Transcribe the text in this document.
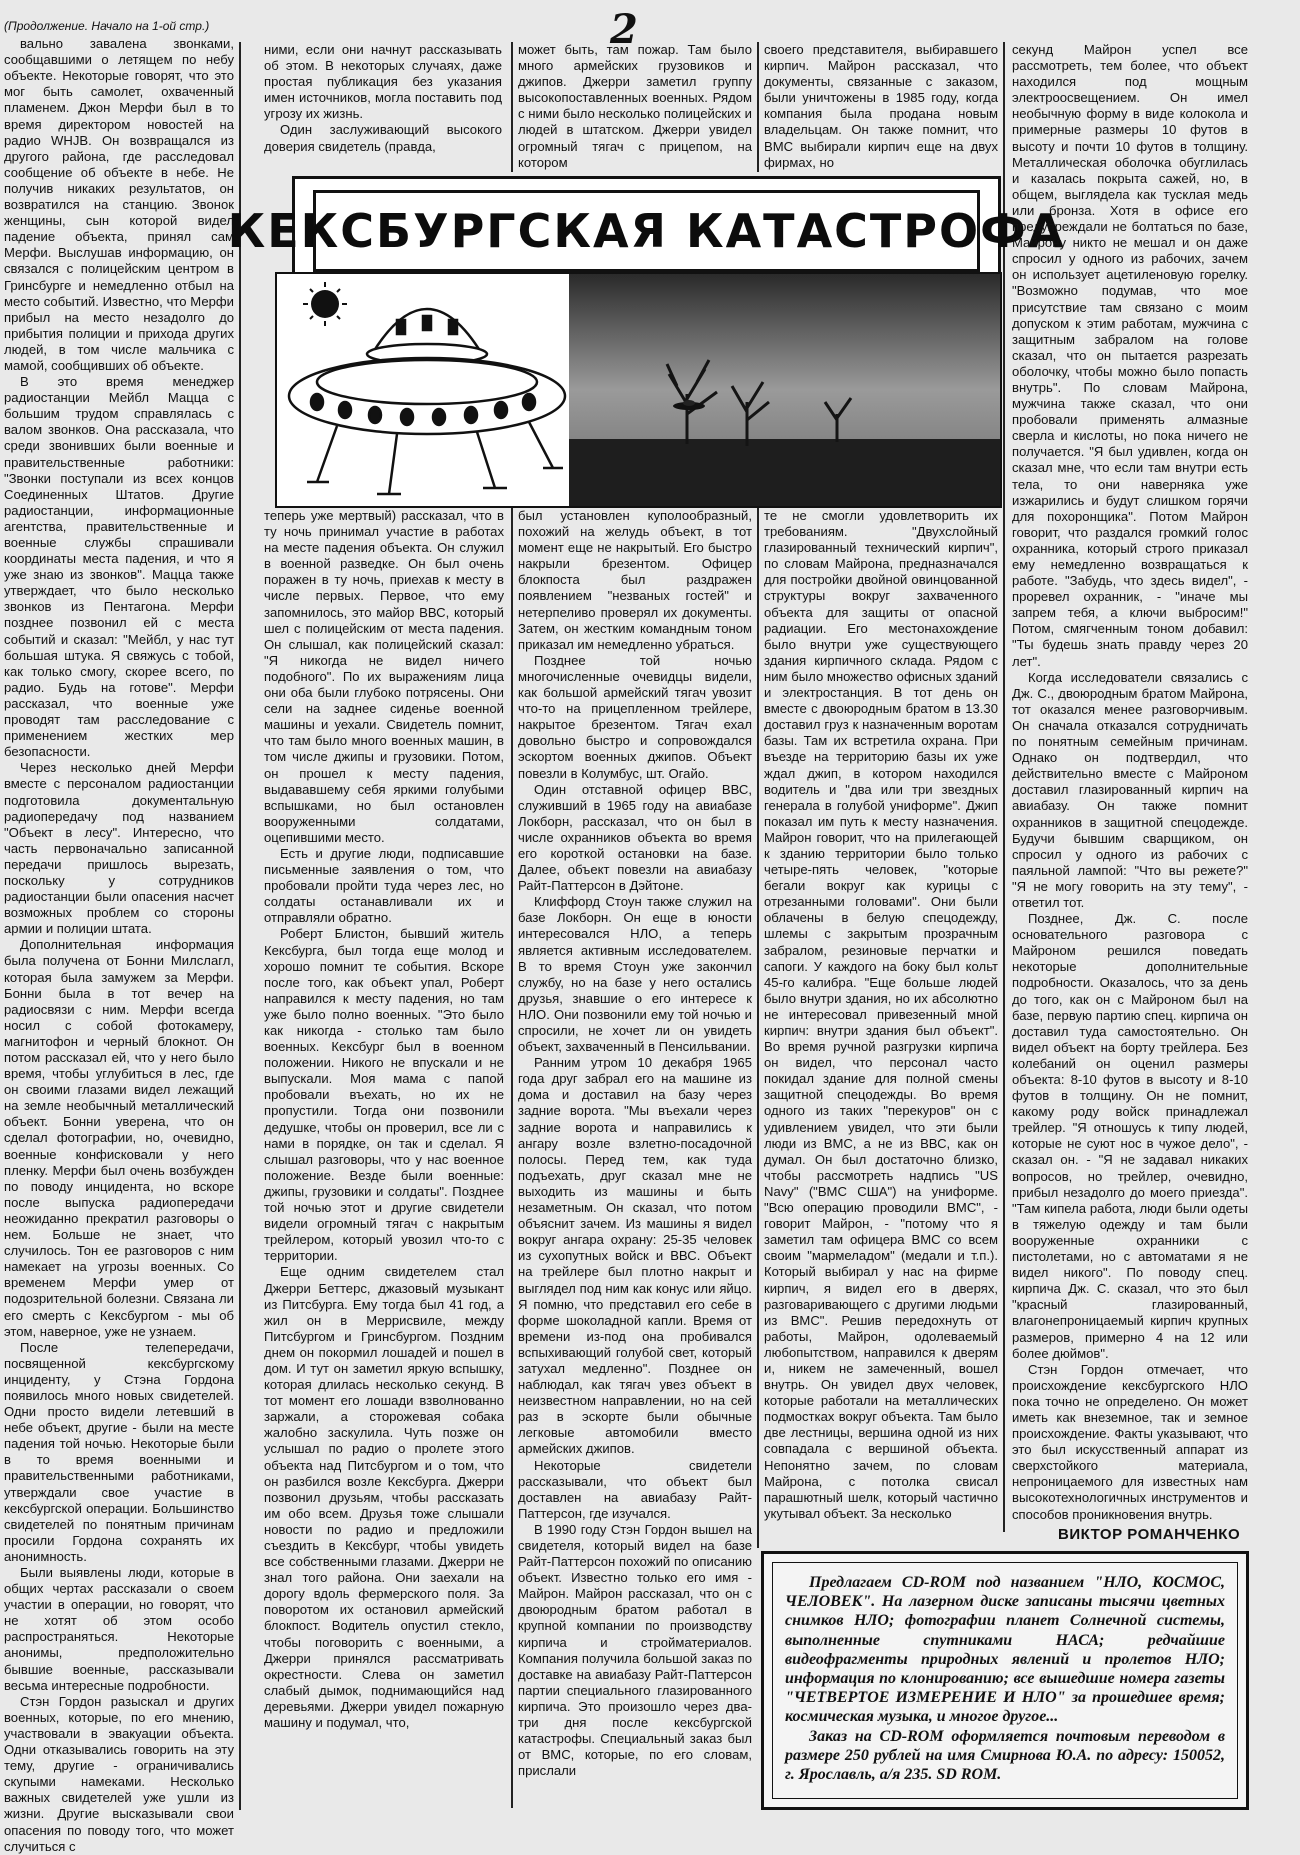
2

(Продолжение. Начало на 1-ой стр.)

вально завалена звонками, сообщавшими о летящем по небу объекте. Некоторые говорят, что это мог быть самолет, охваченный пламенем. Джон Мерфи был в то время директором новостей на радио WHJB. Он возвращался из другого района, где расследовал сообщение об объекте в небе. Не получив никаких результатов, он возвратился на станцию. Звонок женщины, сын которой видел падение объекта, принял сам Мерфи. Выслушав информацию, он связался с полицейским центром в Гринсбурге и немедленно отбыл на место событий. Известно, что Мерфи прибыл на место незадолго до прибытия полиции и прихода других людей, в том числе мальчика с мамой, сообщивших об объекте.

В это время менеджер радиостанции Мейбл Мацца с большим трудом справлялась с валом звонков. Она рассказала, что среди звонивших были военные и правительственные работники: "Звонки поступали из всех концов Соединенных Штатов. Другие радиостанции, информационные агентства, правительственные и военные службы спрашивали координаты места падения, и что я уже знаю из звонков". Мацца также утверждает, что было несколько звонков из Пентагона. Мерфи позднее позвонил ей с места событий и сказал: "Мейбл, у нас тут большая штука. Я свяжусь с тобой, как только смогу, скорее всего, по радио. Будь на готове". Мерфи рассказал, что военные уже проводят там расследование с применением жестких мер безопасности.

Через несколько дней Мерфи вместе с персоналом радиостанции подготовила документальную радиопередачу под названием "Объект в лесу". Интересно, что часть первоначально записанной передачи пришлось вырезать, поскольку у сотрудников радиостанции были опасения насчет возможных проблем со стороны армии и полиции штата.

Дополнительная информация была получена от Бонни Милслагл, которая была замужем за Мерфи. Бонни была в тот вечер на радиосвязи с ним. Мерфи всегда носил с собой фотокамеру, магнитофон и черный блокнот. Он потом рассказал ей, что у него было время, чтобы углубиться в лес, где он своими глазами видел лежащий на земле необычный металлический объект. Бонни уверена, что он сделал фотографии, но, очевидно, военные конфисковали у него пленку. Мерфи был очень возбужден по поводу инцидента, но вскоре после выпуска радиопередачи неожиданно прекратил разговоры о нем. Больше не знает, что случилось. Тон ее разговоров с ним намекает на угрозы военных. Со временем Мерфи умер от подозрительной болезни. Связана ли его смерть с Кексбургом - мы об этом, наверное, уже не узнаем.

После телепередачи, посвященной кексбургскому инциденту, у Стэна Гордона появилось много новых свидетелей. Одни просто видели летевший в небе объект, другие - были на месте падения той ночью. Некоторые были в то время военными и правительственными работниками, утверждали свое участие в кексбургской операции. Большинство свидетелей по понятным причинам просили Гордона сохранять их анонимность.

Были выявлены люди, которые в общих чертах рассказали о своем участии в операции, но говорят, что не хотят об этом особо распространяться. Некоторые анонимы, предположительно бывшие военные, рассказывали весьма интересные подробности.

Стэн Гордон разыскал и других военных, которые, по его мнению, участвовали в эвакуации объекта. Одни отказывались говорить на эту тему, другие - ограничивались скупыми намеками. Несколько важных свидетелей уже ушли из жизни. Другие высказывали свои опасения по поводу того, что может случиться с

ними, если они начнут рассказывать об этом. В некоторых случаях, даже простая публикация без указания имен источников, могла поставить под угрозу их жизнь.

Один заслуживающий высокого доверия свидетель (правда,

может быть, там пожар. Там было много армейских грузовиков и джипов. Джерри заметил группу высокопоставленных военных. Рядом с ними было несколько полицейских и людей в штатском. Джерри увидел огромный тягач с прицепом, на котором

своего представителя, выбиравшего кирпич. Майрон рассказал, что документы, связанные с заказом, были уничтожены в 1985 году, когда компания была продана новым владельцам. Он также помнит, что ВМС выбирали кирпич еще на двух фирмах, но

КЕКСБУРГСКАЯ КАТАСТРОФА

теперь уже мертвый) рассказал, что в ту ночь принимал участие в работах на месте падения объекта. Он служил в военной разведке. Он был очень поражен в ту ночь, приехав к месту в числе первых. Первое, что ему запомнилось, это майор ВВС, который шел с полицейским от места падения. Он слышал, как полицейский сказал: "Я никогда не видел ничего подобного". По их выражениям лица они оба были глубоко потрясены. Они сели на заднее сиденье военной машины и уехали. Свидетель помнит, что там было много военных машин, в том числе джипы и грузовики. Потом, он прошел к месту падения, выдававшему себя яркими голубыми вспышками, но был остановлен вооруженными солдатами, оцепившими место.

Есть и другие люди, подписавшие письменные заявления о том, что пробовали пройти туда через лес, но солдаты останавливали их и отправляли обратно.

Роберт Блистон, бывший житель Кексбурга, был тогда еще молод и хорошо помнит те события. Вскоре после того, как объект упал, Роберт направился к месту падения, но там уже было полно военных. "Это было как никогда - столько там было военных. Кексбург был в военном положении. Никого не впускали и не выпускали. Моя мама с папой пробовали въехать, но их не пропустили. Тогда они позвонили дедушке, чтобы он проверил, все ли с нами в порядке, он так и сделал. Я слышал разговоры, что у нас военное положение. Везде были военные: джипы, грузовики и солдаты". Позднее той ночью этот и другие свидетели видели огромный тягач с накрытым трейлером, который увозил что-то с территории.

Еще одним свидетелем стал Джерри Беттерс, джазовый музыкант из Питсбурга. Ему тогда был 41 год, а жил он в Меррисвиле, между Питсбургом и Гринсбургом. Поздним днем он покормил лошадей и пошел в дом. И тут он заметил яркую вспышку, которая длилась несколько секунд. В тот момент его лошади взволнованно заржали, а сторожевая собака жалобно заскулила. Чуть позже он услышал по радио о пролете этого объекта над Питсбургом и о том, что он разбился возле Кексбурга. Джерри позвонил друзьям, чтобы рассказать им обо всем. Друзья тоже слышали новости по радио и предложили съездить в Кексбург, чтобы увидеть все собственными глазами. Джерри не знал того района. Они заехали на дорогу вдоль фермерского поля. За поворотом их остановил армейский блокпост. Водитель опустил стекло, чтобы поговорить с военными, а Джерри принялся рассматривать окрестности. Слева он заметил слабый дымок, поднимающийся над деревьями. Джерри увидел пожарную машину и подумал, что,

был установлен куполообразный, похожий на желудь объект, в тот момент еще не накрытый. Его быстро накрыли брезентом. Офицер блокпоста был раздражен появлением "незваных гостей" и нетерпеливо проверял их документы. Затем, он жестким командным тоном приказал им немедленно убраться.

Позднее той ночью многочисленные очевидцы видели, как большой армейский тягач увозит что-то на прицепленном трейлере, накрытое брезентом. Тягач ехал довольно быстро и сопровождался эскортом военных джипов. Объект повезли в Колумбус, шт. Огайо.

Один отставной офицер ВВС, служивший в 1965 году на авиабазе Локборн, рассказал, что он был в числе охранников объекта во время его короткой остановки на базе. Далее, объект повезли на авиабазу Райт-Паттерсон в Дэйтоне.

Клиффорд Стоун также служил на базе Локборн. Он еще в юности интересовался НЛО, а теперь является активным исследователем. В то время Стоун уже закончил службу, но на базе у него остались друзья, знавшие о его интересе к НЛО. Они позвонили ему той ночью и спросили, не хочет ли он увидеть объект, захваченный в Пенсильвании.

Ранним утром 10 декабря 1965 года друг забрал его на машине из дома и доставил на базу через задние ворота. "Мы въехали через задние ворота и направились к ангару возле взлетно-посадочной полосы. Перед тем, как туда подъехать, друг сказал мне не выходить из машины и быть незаметным. Он сказал, что потом объяснит зачем. Из машины я видел вокруг ангара охрану: 25-35 человек из сухопутных войск и ВВС. Объект на трейлере был плотно накрыт и выглядел под ним как конус или яйцо. Я помню, что представил его себе в форме шоколадной капли. Время от времени из-под она пробивался вспыхивающий голубой свет, который затухал медленно". Позднее он наблюдал, как тягач увез объект в неизвестном направлении, но на сей раз в эскорте были обычные легковые автомобили вместо армейских джипов.

Некоторые свидетели рассказывали, что объект был доставлен на авиабазу Райт-Паттерсон, где изучался.

В 1990 году Стэн Гордон вышел на свидетеля, который видел на базе Райт-Паттерсон похожий по описанию объект. Известно только его имя - Майрон. Майрон рассказал, что он с двоюродным братом работал в крупной компании по производству кирпича и стройматериалов. Компания получила большой заказ по доставке на авиабазу Райт-Паттерсон партии специального глазированного кирпича. Это произошло через два-три дня после кексбургской катастрофы. Специальный заказ был от ВМС, которые, по его словам, прислали

те не смогли удовлетворить их требованиям. "Двухслойный глазированный технический кирпич", по словам Майрона, предназначался для постройки двойной овинцованной структуры вокруг захваченного объекта для защиты от опасной радиации. Его местонахождение было внутри уже существующего здания кирпичного склада. Рядом с ним было множество офисных зданий и электростанция. В тот день он вместе с двоюродным братом в 13.30 доставил груз к назначенным воротам базы. Там их встретила охрана. При въезде на территорию базы их уже ждал джип, в котором находился водитель и "два или три звездных генерала в голубой униформе". Джип показал им путь к месту назначения. Майрон говорит, что на прилегающей к зданию территории было только четыре-пять человек, "которые бегали вокруг как курицы с отрезанными головами". Они были облачены в белую спецодежду, шлемы с закрытым прозрачным забралом, резиновые перчатки и сапоги. У каждого на боку был кольт 45-го калибра. "Еще больше людей было внутри здания, но их абсолютно не интересовал привезенный мной кирпич: внутри здания был объект". Во время ручной разгрузки кирпича он видел, что персонал часто покидал здание для полной смены защитной спецодежды. Во время одного из таких "перекуров" он с удивлением увидел, что эти были люди из ВМС, а не из ВВС, как он думал. Он был достаточно близко, чтобы рассмотреть надпись "US Navy" ("ВМС США") на униформе. "Всю операцию проводили ВМС", - говорит Майрон, - "потому что я заметил там офицера ВМС со всем своим "мармеладом" (медали и т.п.). Который выбирал у нас на фирме кирпич, я видел его в дверях, разговаривающего с другими людьми из ВМС". Решив передохнуть от работы, Майрон, одолеваемый любопытством, направился к дверям и, никем не замеченный, вошел внутрь. Он увидел двух человек, которые работали на металлических подмостках вокруг объекта. Там было две лестницы, вершина одной из них совпадала с вершиной объекта. Непонятно зачем, по словам Майрона, с потолка свисал парашютный шелк, который частично укутывал объект. За несколько

секунд Майрон успел все рассмотреть, тем более, что объект находился под мощным электроосвещением. Он имел необычную форму в виде колокола и примерные размеры 10 футов в высоту и почти 10 футов в толщину. Металлическая оболочка обуглилась и казалась покрыта сажей, но, в общем, выглядела как тусклая медь или бронза. Хотя в офисе его предупреждали не болтаться по базе, Майрону никто не мешал и он даже спросил у одного из рабочих, зачем он использует ацетиленовую горелку. "Возможно подумав, что мое присутствие там связано с моим допуском к этим работам, мужчина с защитным забралом на голове сказал, что он пытается разрезать оболочку, чтобы можно было попасть внутрь". По словам Майрона, мужчина также сказал, что они пробовали применять алмазные сверла и кислоты, но пока ничего не получается. "Я был удивлен, когда он сказал мне, что если там внутри есть тела, то они наверняка уже изжарились и будут слишком горячи для похоронщика". Потом Майрон говорит, что раздался громкий голос охранника, который строго приказал ему немедленно возвращаться к работе. "Забудь, что здесь видел", - проревел охранник, - "иначе мы запрем тебя, а ключи выбросим!" Потом, смягченным тоном добавил: "Ты будешь знать правду через 20 лет".

Когда исследователи связались с Дж. С., двоюродным братом Майрона, тот оказался менее разговорчивым. Он сначала отказался сотрудничать по понятным семейным причинам. Однако он подтвердил, что действительно вместе с Майроном доставил глазированный кирпич на авиабазу. Он также помнит охранников в защитной спецодежде. Будучи бывшим сварщиком, он спросил у одного из рабочих с паяльной лампой: "Что вы режете?" "Я не могу говорить на эту тему", - ответил тот.

Позднее, Дж. С. после основательного разговора с Майроном решился поведать некоторые дополнительные подробности. Оказалось, что за день до того, как он с Майроном был на базе, первую партию спец. кирпича он доставил туда самостоятельно. Он видел объект на борту трейлера. Без колебаний он оценил размеры объекта: 8-10 футов в высоту и 8-10 футов в толщину. Он не помнит, какому роду войск принадлежал трейлер. "Я отношусь к типу людей, которые не суют нос в чужое дело", - сказал он. - "Я не задавал никаких вопросов, но трейлер, очевидно, прибыл незадолго до моего приезда". "Там кипела работа, люди были одеты в тяжелую одежду и там были вооруженные охранники с пистолетами, но с автоматами я не видел никого". По поводу спец. кирпича Дж. С. сказал, что это был "красный глазированный, влагонепроницаемый кирпич крупных размеров, примерно 4 на 12 или более дюймов".

Стэн Гордон отмечает, что происхождение кексбургского НЛО пока точно не определено. Он может иметь как внеземное, так и земное происхождение. Факты указывают, что это был искусственный аппарат из сверхстойкого материала, непроницаемого для известных нам высокотехнологичных инструментов и способов проникновения внутрь.

ВИКТОР РОМАНЧЕНКО

Предлагаем CD-ROM под названием "НЛО, КОСМОС, ЧЕЛОВЕК". На лазерном диске записаны тысячи цветных снимков НЛО; фотографии планет Солнечной системы, выполненные спутниками НАСА; редчайшие видеофрагменты природных явлений и пролетов НЛО; информация по клонированию; все вышедшие номера газеты "ЧЕТВЕРТОЕ ИЗМЕРЕНИЕ И НЛО" за прошедшее время; космическая музыка, и многое другое...

Заказ на CD-ROM оформляется почтовым переводом в размере 250 рублей на имя Смирнова Ю.А. по адресу: 150052, г. Ярославль, а/я 235. SD ROM.
